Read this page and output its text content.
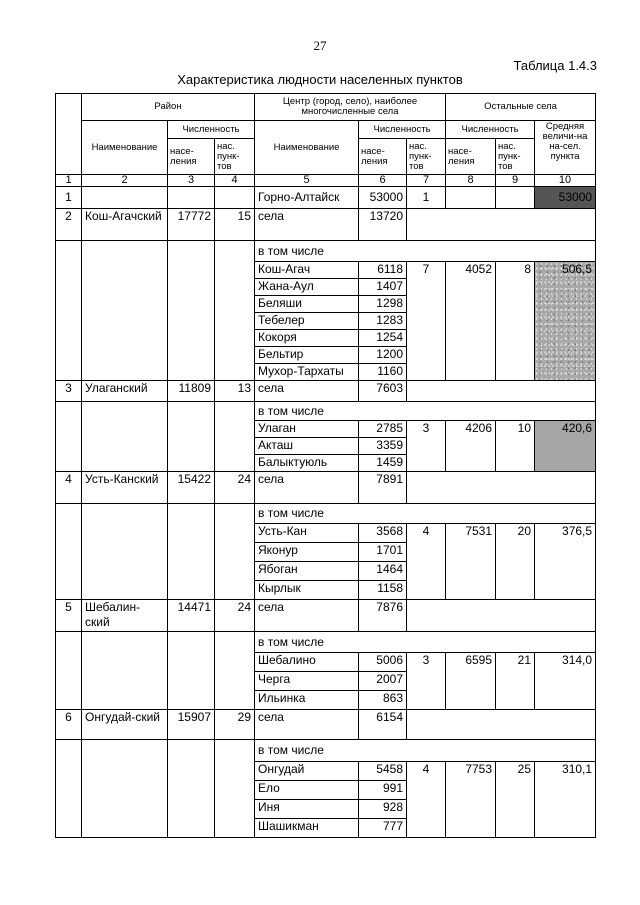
27
Таблица 1.4.3
Характеристика людности населенных пунктов
	Район			Центр (город, село), наиболее многочисленные села			Остальные села		
	Наименование	Численность		Наименование	Численность		Численность		Средняя величи-на на-сел. пункта
		насе-ления	нас. пунк-тов		насе-ления	нас. пунк-тов	насе-ления	нас. пунк-тов	
1	2	3	4	5	6	7	8	9	10
1				Горно-Алтайск	53000	1			53000
2	Кош-Агачский	17772	15	села	13720				
				в том числе					
				Кош-Агач	6118	7	4052	8	506,5
				Жана-Аул	1407				
				Беляши	1298				
				Тебелер	1283				
				Кокоря	1254				
				Бельтир	1200				
				Мухор-Тархаты	1160				
3	Улаганский	11809	13	села	7603				
				в том числе					
				Улаган	2785	3	4206	10	420,6
				Акташ	3359				
				Балыктуюль	1459				
4	Усть-Канский	15422	24	села	7891				
				в том числе					
				Усть-Кан	3568	4	7531	20	376,5
				Яконур	1701				
				Ябоган	1464				
				Кырлык	1158				
5	Шебалин-ский	14471	24	села	7876				
				в том числе					
				Шебалино	5006	3	6595	21	314,0
				Черга	2007				
				Ильинка	863				
6	Онгудай-ский	15907	29	села	6154				
				в том числе					
				Онгудай	5458	4	7753	25	310,1
				Ело	991				
				Иня	928				
				Шашикман	777				
